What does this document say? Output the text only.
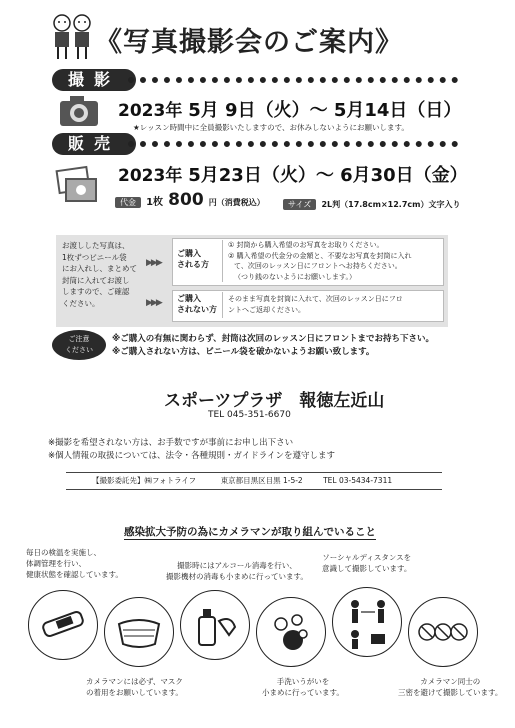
《写真撮影会のご案内》
撮影
2023年 5月 9日（火）～ 5月14日（日）
★レッスン時間中に全員撮影いたしますので、お休みしないようにお願いします。
販売
2023年 5月23日（火）～ 6月30日（金）
代金 1枚 800 円（消費税込）	サイズ 2L判（17.8cm×12.7cm）文字入り
お渡しした写真は、
1枚ずつビニール袋
にお入れし、まとめて
封筒に入れてお渡し
しますので、ご確認
ください。
▶▶▶
▶▶▶
ご購入
される方
① 封筒から購入希望のお写真をお取りください。
② 購入希望の代金分の金額と、不要なお写真を封筒に入れ
て、次回のレッスン日にフロントへお持ちください。
（つり銭のないようにお願いします。）
ご購入
されない方
そのまま写真を封筒に入れて、次回のレッスン日にフロ
ントへご返却ください。
ご注意
ください
※ご購入の有無に関わらず、封筒は次回のレッスン日にフロントまでお持ち下さい。
※ご購入されない方は、ビニール袋を破かないようお願い致します。
スポーツプラザ　報徳左近山
TEL 045-351-6670
※撮影を希望されない方は、お手数ですが事前にお申し出下さい
※個人情報の取扱については、法令・各種規則・ガイドラインを遵守します
【撮影委託先】㈱フォトライフ	東京都目黒区目黒 1-5-2	TEL 03-5434-7311
感染拡大予防の為にカメラマンが取り組んでいること
毎日の検温を実施し、
体調管理を行い、
健康状態を確認しています。
カメラマンには必ず、マスク
の着用をお願いしています。
撮影時にはアルコール消毒を行い、
撮影機材の消毒も小まめに行っています。
手洗いうがいを
小まめに行っています。
ソーシャルディスタンスを
意識して撮影しています。
カメラマン同士の
三密を避けて撮影しています。
